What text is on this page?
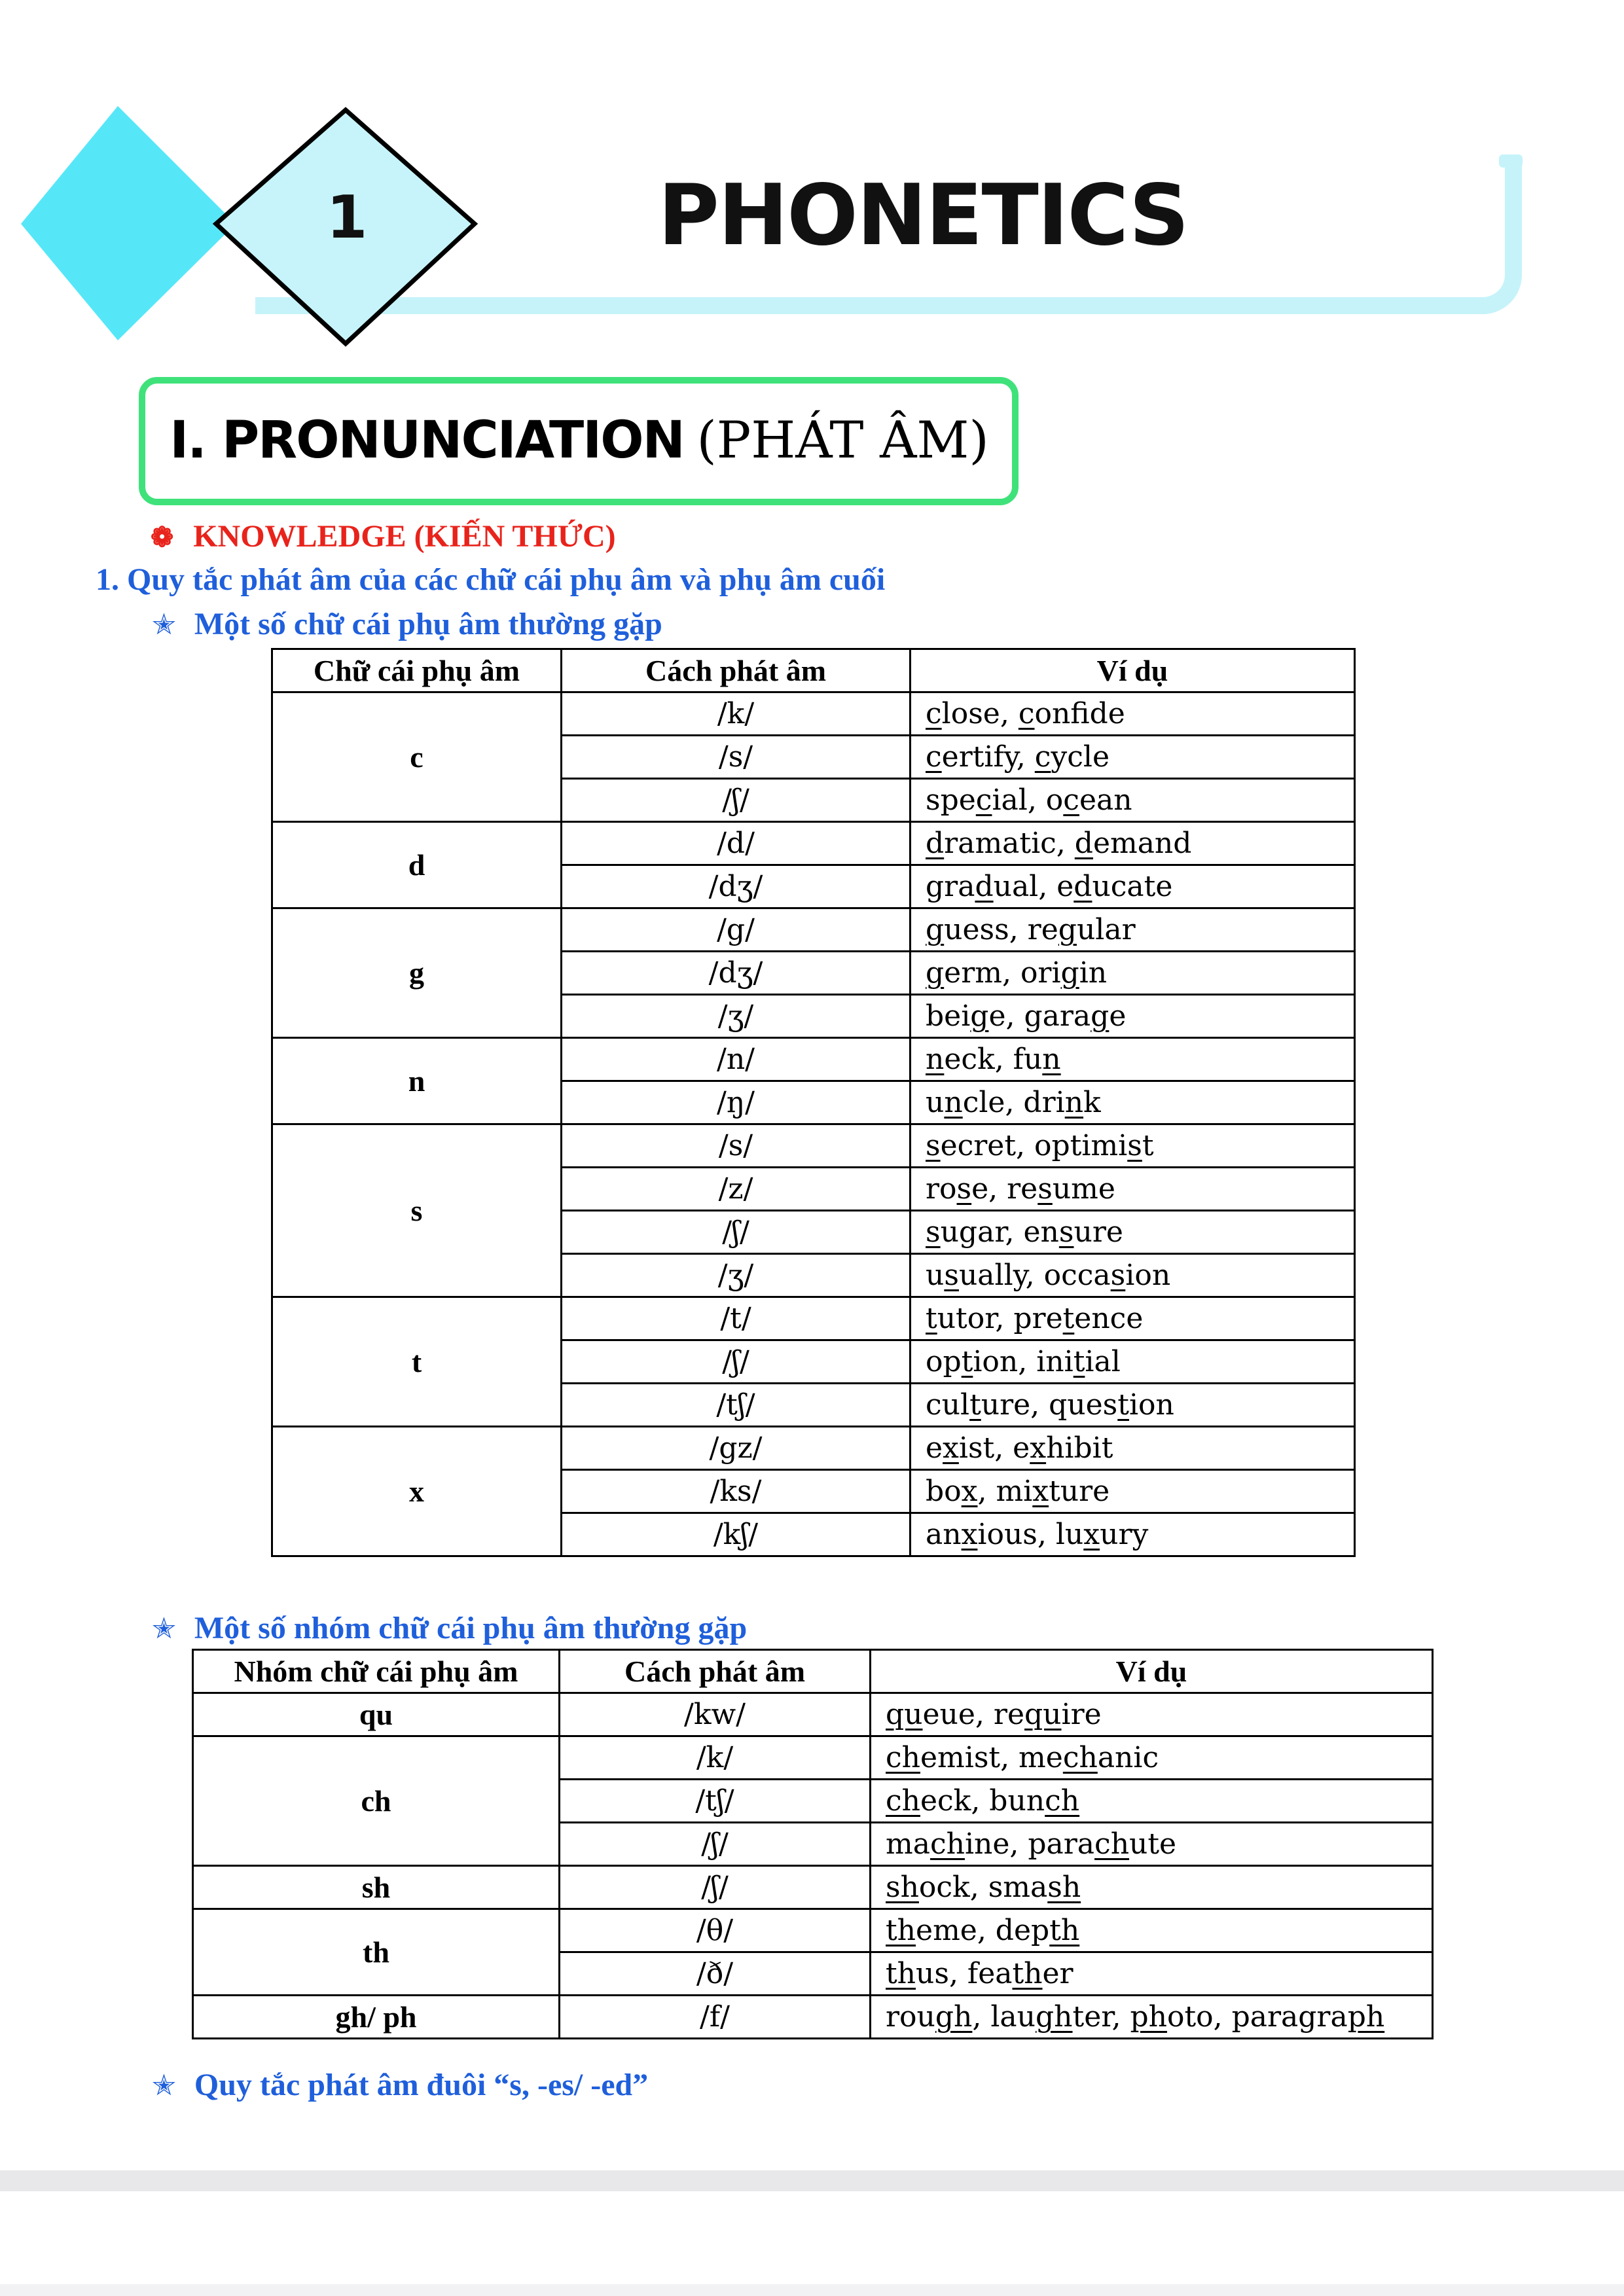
1	PHONETICS
I. PRONUNCIATION (PHÁT ÂM)
❁ KNOWLEDGE (KIẾN THỨC)
1. Quy tắc phát âm của các chữ cái phụ âm và phụ âm cuối
✭ Một số chữ cái phụ âm thường gặp
Chữ cái phụ âm	Cách phát âm	Ví dụ
c	/k/	close, confide
	/s/	certify, cycle
	/ʃ/	special, ocean
d	/d/	dramatic, demand
	/dʒ/	gradual, educate
g	/g/	guess, regular
	/dʒ/	germ, origin
	/ʒ/	beige, garage
n	/n/	neck, fun
	/ŋ/	uncle, drink
s	/s/	secret, optimist
	/z/	rose, resume
	/ʃ/	sugar, ensure
	/ʒ/	usually, occasion
t	/t/	tutor, pretence
	/ʃ/	option, initial
	/tʃ/	culture, question
x	/gz/	exist, exhibit
	/ks/	box, mixture
	/kʃ/	anxious, luxury
✭ Một số nhóm chữ cái phụ âm thường gặp
Nhóm chữ cái phụ âm	Cách phát âm	Ví dụ
qu	/kw/	queue, require
ch	/k/	chemist, mechanic
	/tʃ/	check, bunch
	/ʃ/	machine, parachute
sh	/ʃ/	shock, smash
th	/θ/	theme, depth
	/ð/	thus, feather
gh/ ph	/f/	rough, laughter, photo, paragraph
✭ Quy tắc phát âm đuôi “s, -es/ -ed”
